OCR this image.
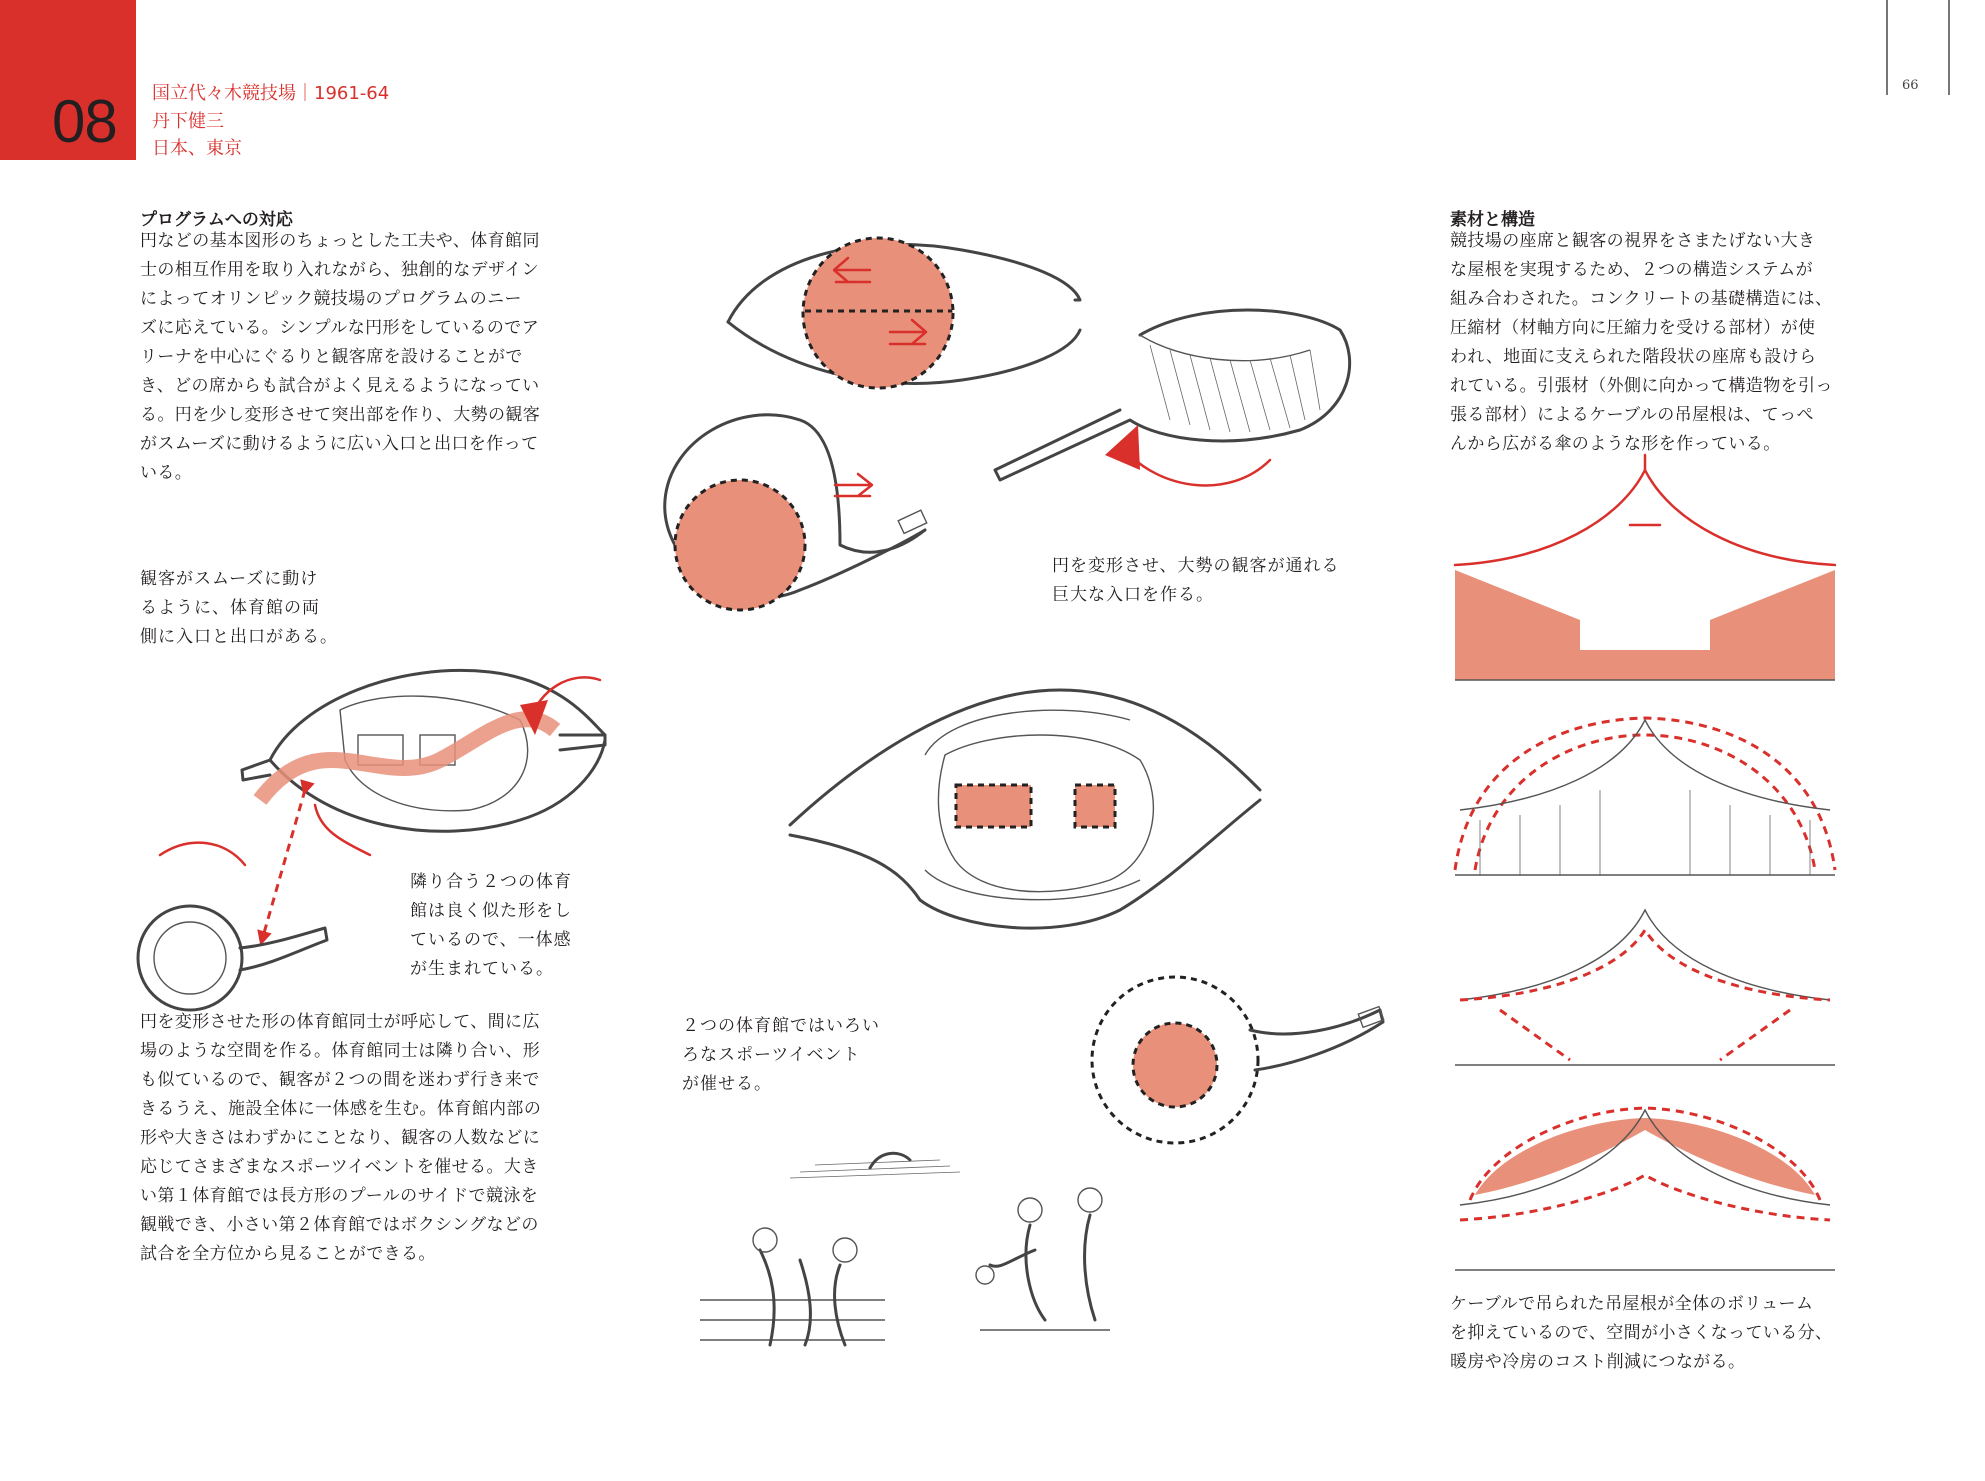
08	国立代々木競技場｜1961-64
丹下健三
日本、東京
66
プログラムへの対応
円などの基本図形のちょっとした工夫や、体育館同
士の相互作用を取り入れながら、独創的なデザイン
によってオリンピック競技場のプログラムのニー
ズに応えている。シンプルな円形をしているのでア
リーナを中心にぐるりと観客席を設けることがで
き、どの席からも試合がよく見えるようになってい
る。円を少し変形させて突出部を作り、大勢の観客
がスムーズに動けるように広い入口と出口を作って
いる。
観客がスムーズに動け
るように、体育館の両
側に入口と出口がある。
隣り合う２つの体育
館は良く似た形をし
ているので、一体感
が生まれている。
円を変形させた形の体育館同士が呼応して、間に広
場のような空間を作る。体育館同士は隣り合い、形
も似ているので、観客が２つの間を迷わず行き来で
きるうえ、施設全体に一体感を生む。体育館内部の
形や大きさはわずかにことなり、観客の人数などに
応じてさまざまなスポーツイベントを催せる。大き
い第１体育館では長方形のプールのサイドで競泳を
観戦でき、小さい第２体育館ではボクシングなどの
試合を全方位から見ることができる。
円を変形させ、大勢の観客が通れる
巨大な入口を作る。
２つの体育館ではいろい
ろなスポーツイベント
が催せる。
素材と構造
競技場の座席と観客の視界をさまたげない大き
な屋根を実現するため、２つの構造システムが
組み合わされた。コンクリートの基礎構造には、
圧縮材（材軸方向に圧縮力を受ける部材）が使
われ、地面に支えられた階段状の座席も設けら
れている。引張材（外側に向かって構造物を引っ
張る部材）によるケーブルの吊屋根は、てっぺ
んから広がる傘のような形を作っている。
ケーブルで吊られた吊屋根が全体のボリューム
を抑えているので、空間が小さくなっている分、
暖房や冷房のコスト削減につながる。
